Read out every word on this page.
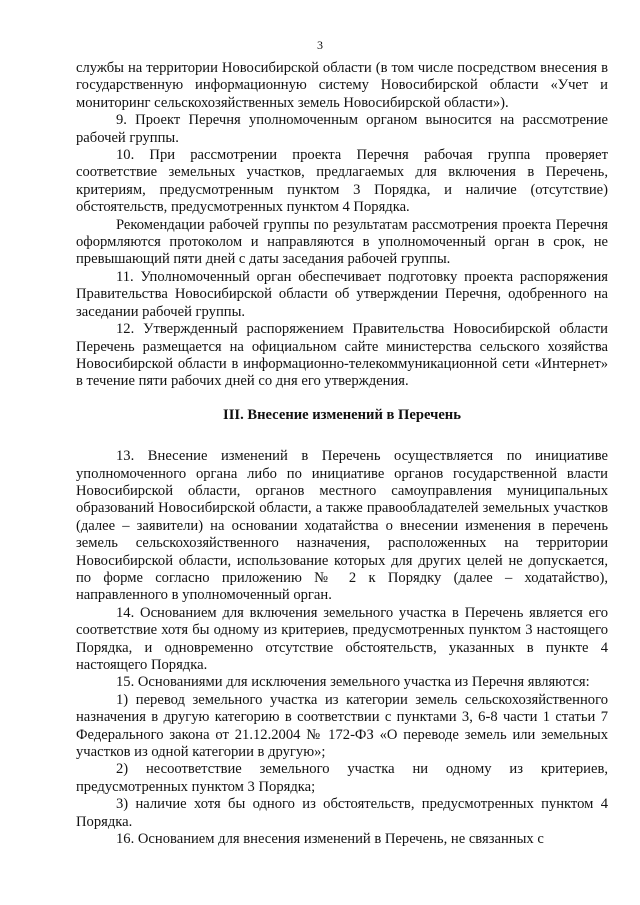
3

службы на территории Новосибирской области (в том числе посредством внесения в государственную информационную систему Новосибирской области «Учет и мониторинг сельскохозяйственных земель Новосибирской области»).

9. Проект Перечня уполномоченным органом выносится на рассмотрение рабочей группы.

10. При рассмотрении проекта Перечня рабочая группа проверяет соответствие земельных участков, предлагаемых для включения в Перечень, критериям, предусмотренным пунктом 3 Порядка, и наличие (отсутствие) обстоятельств, предусмотренных пунктом 4 Порядка.

Рекомендации рабочей группы по результатам рассмотрения проекта Перечня оформляются протоколом и направляются в уполномоченный орган в срок, не превышающий пяти дней с даты заседания рабочей группы.

11. Уполномоченный орган обеспечивает подготовку проекта распоряжения Правительства Новосибирской области об утверждении Перечня, одобренного на заседании рабочей группы.

12. Утвержденный распоряжением Правительства Новосибирской области Перечень размещается на официальном сайте министерства сельского хозяйства Новосибирской области в информационно-телекоммуникационной сети «Интернет» в течение пяти рабочих дней со дня его утверждения.

III. Внесение изменений в Перечень

13. Внесение изменений в Перечень осуществляется по инициативе уполномоченного органа либо по инициативе органов государственной власти Новосибирской области, органов местного самоуправления муниципальных образований Новосибирской области, а также правообладателей земельных участков (далее – заявители) на основании ходатайства о внесении изменения в перечень земель сельскохозяйственного назначения, расположенных на территории Новосибирской области, использование которых для других целей не допускается, по форме согласно приложению № 2 к Порядку (далее – ходатайство), направленного в уполномоченный орган.

14. Основанием для включения земельного участка в Перечень является его соответствие хотя бы одному из критериев, предусмотренных пунктом 3 настоящего Порядка, и одновременно отсутствие обстоятельств, указанных в пункте 4 настоящего Порядка.

15. Основаниями для исключения земельного участка из Перечня являются:

1) перевод земельного участка из категории земель сельскохозяйственного назначения в другую категорию в соответствии с пунктами 3, 6-8 части 1 статьи 7 Федерального закона от 21.12.2004 № 172-ФЗ «О переводе земель или земельных участков из одной категории в другую»;

2) несоответствие земельного участка ни одному из критериев, предусмотренных пунктом 3 Порядка;

3) наличие хотя бы одного из обстоятельств, предусмотренных пунктом 4 Порядка.

16. Основанием для внесения изменений в Перечень, не связанных с
